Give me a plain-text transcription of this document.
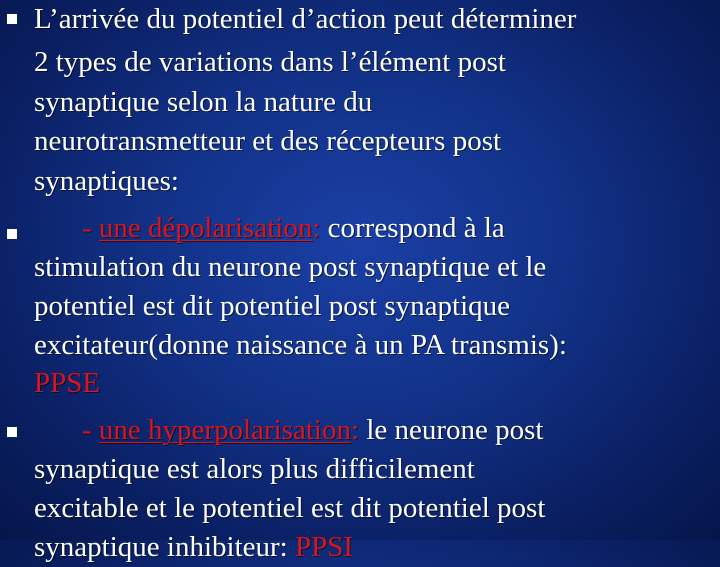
L’arrivée du potentiel d’action peut déterminer
2 types de variations dans l’élément post
synaptique selon la nature du
neurotransmetteur et des récepteurs post
synaptiques:
- une dépolarisation: correspond à la
stimulation du neurone post synaptique et le
potentiel est dit potentiel post synaptique
excitateur(donne naissance à un PA transmis):
PPSE
- une hyperpolarisation: le neurone post
synaptique est alors plus difficilement
excitable et le potentiel est dit potentiel post
synaptique inhibiteur: PPSI
